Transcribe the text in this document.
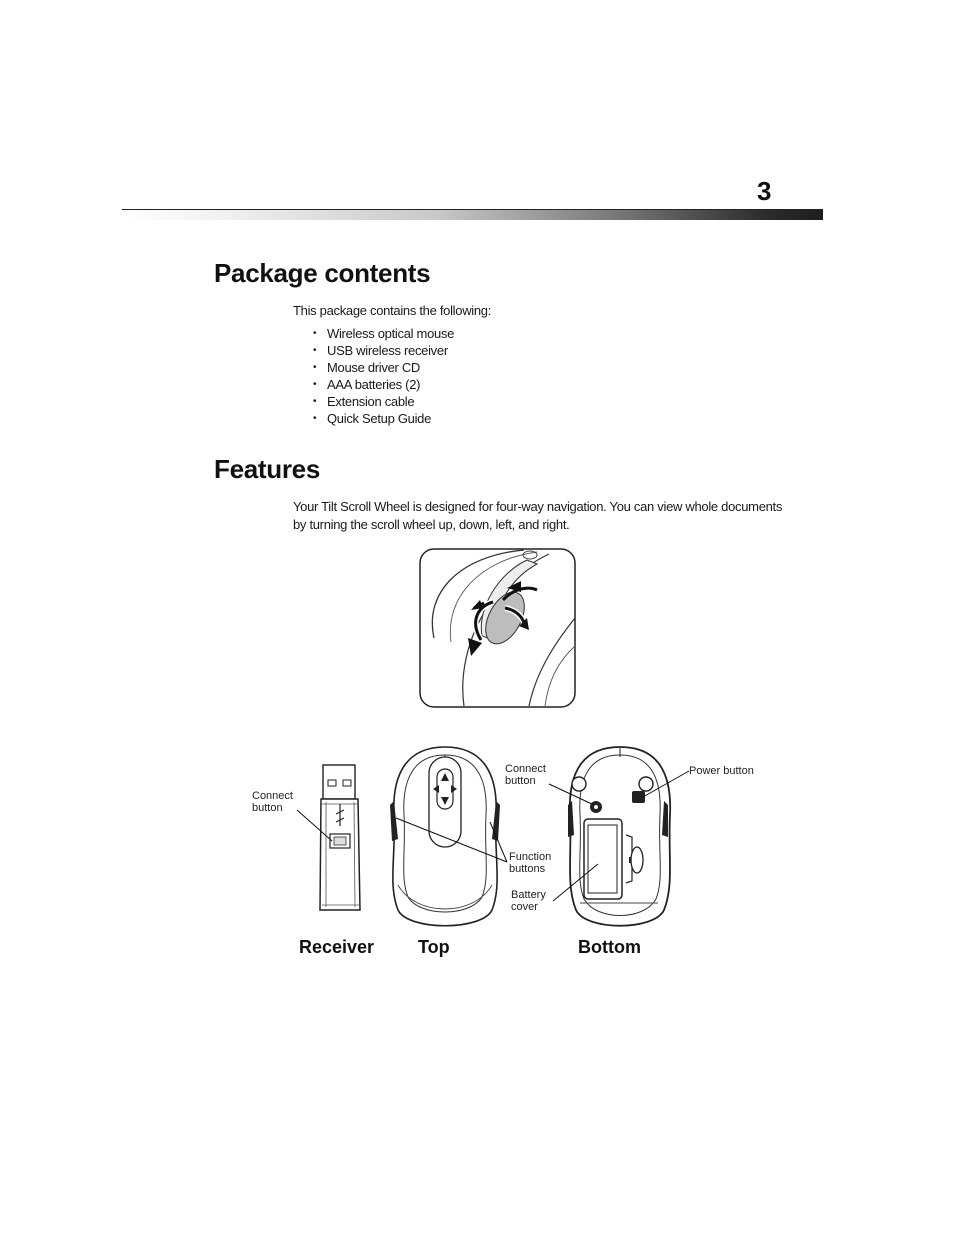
3
Package contents

This package contains the following:

• Wireless optical mouse
• USB wireless receiver
• Mouse driver CD
• AAA batteries (2)
• Extension cable
• Quick Setup Guide
Features

Your Tilt Scroll Wheel is designed for four-way navigation. You can view whole documents by turning the scroll wheel up, down, left, and right.

Connect
button
Connect
button
Power button
Function
buttons
Battery
cover
Receiver Top	Bottom
